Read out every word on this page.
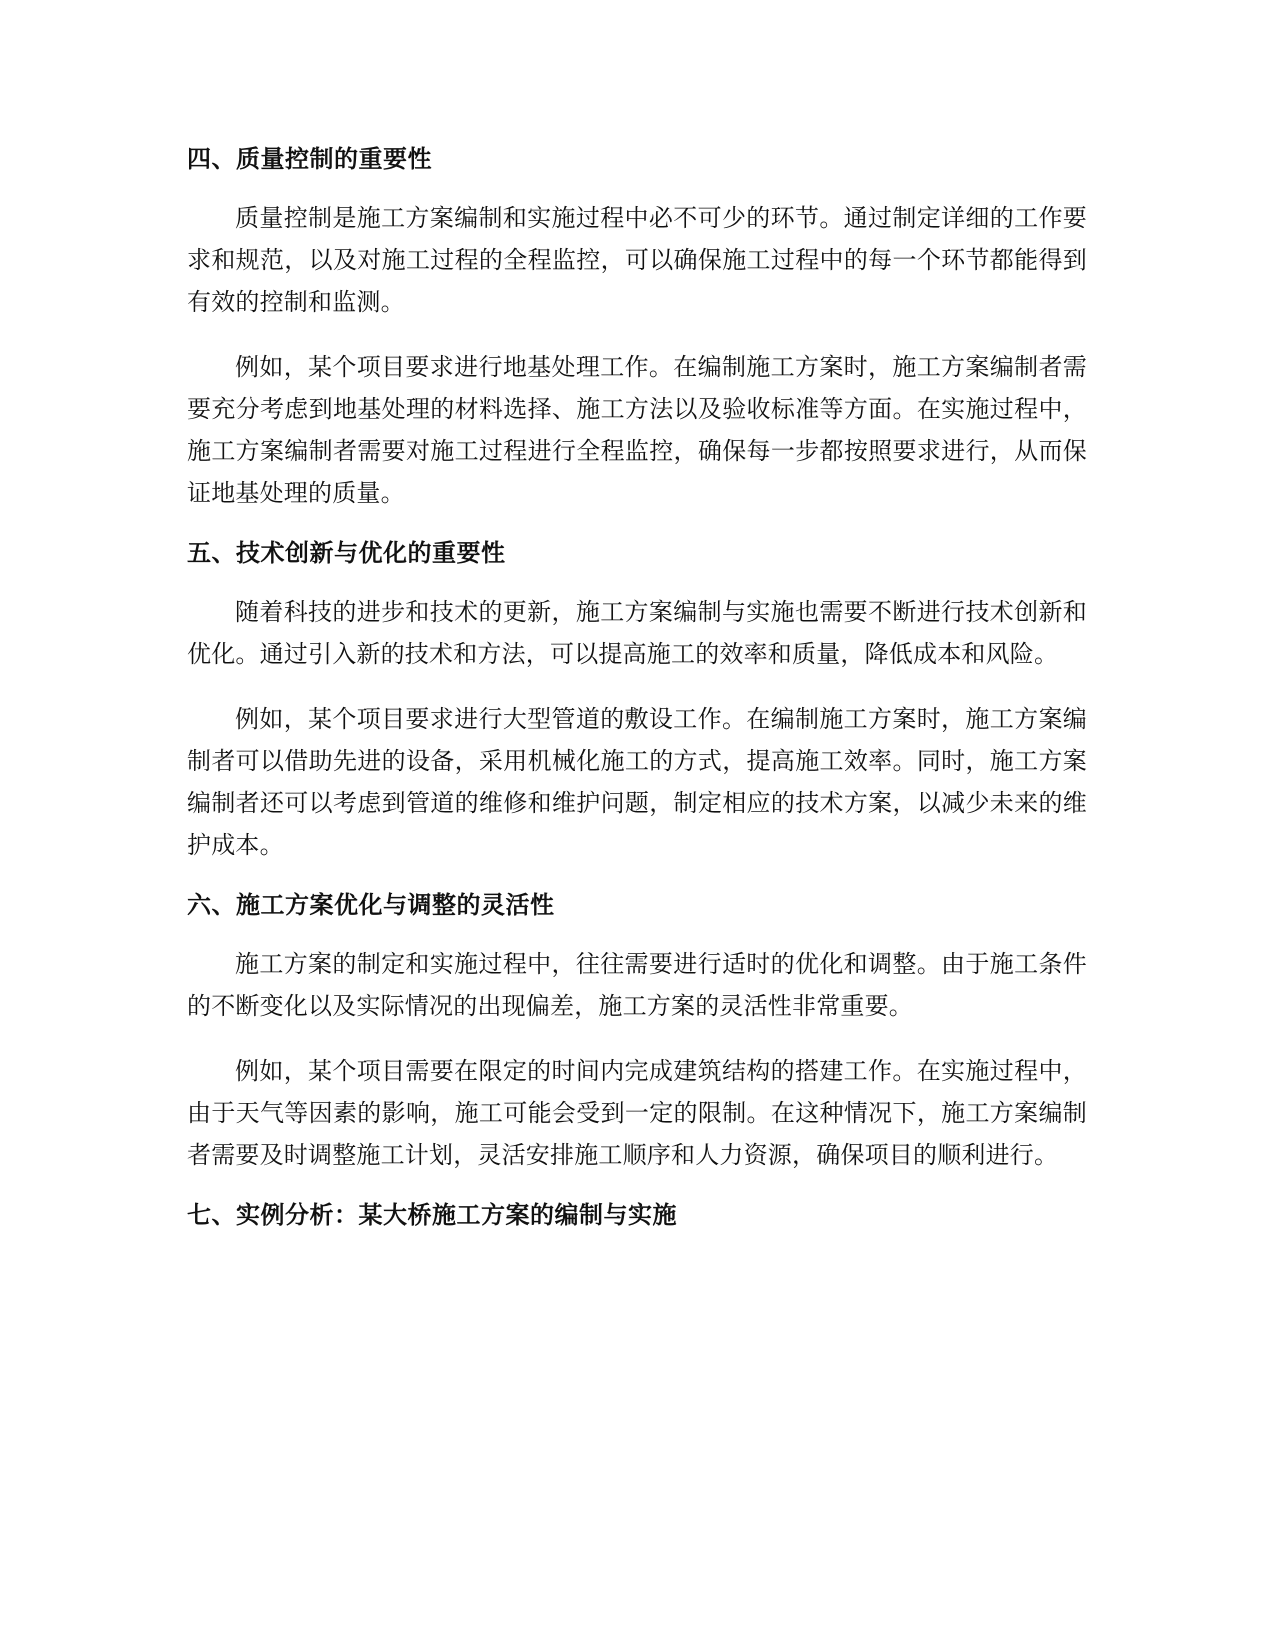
四、质量控制的重要性

质量控制是施工方案编制和实施过程中必不可少的环节。通过制定详细的工作要求和规范，以及对施工过程的全程监控，可以确保施工过程中的每一个环节都能得到有效的控制和监测。

例如，某个项目要求进行地基处理工作。在编制施工方案时，施工方案编制者需要充分考虑到地基处理的材料选择、施工方法以及验收标准等方面。在实施过程中，施工方案编制者需要对施工过程进行全程监控，确保每一步都按照要求进行，从而保证地基处理的质量。

五、技术创新与优化的重要性

随着科技的进步和技术的更新，施工方案编制与实施也需要不断进行技术创新和优化。通过引入新的技术和方法，可以提高施工的效率和质量，降低成本和风险。

例如，某个项目要求进行大型管道的敷设工作。在编制施工方案时，施工方案编制者可以借助先进的设备，采用机械化施工的方式，提高施工效率。同时，施工方案编制者还可以考虑到管道的维修和维护问题，制定相应的技术方案，以减少未来的维护成本。

六、施工方案优化与调整的灵活性

施工方案的制定和实施过程中，往往需要进行适时的优化和调整。由于施工条件的不断变化以及实际情况的出现偏差，施工方案的灵活性非常重要。

例如，某个项目需要在限定的时间内完成建筑结构的搭建工作。在实施过程中，由于天气等因素的影响，施工可能会受到一定的限制。在这种情况下，施工方案编制者需要及时调整施工计划，灵活安排施工顺序和人力资源，确保项目的顺利进行。

七、实例分析：某大桥施工方案的编制与实施
